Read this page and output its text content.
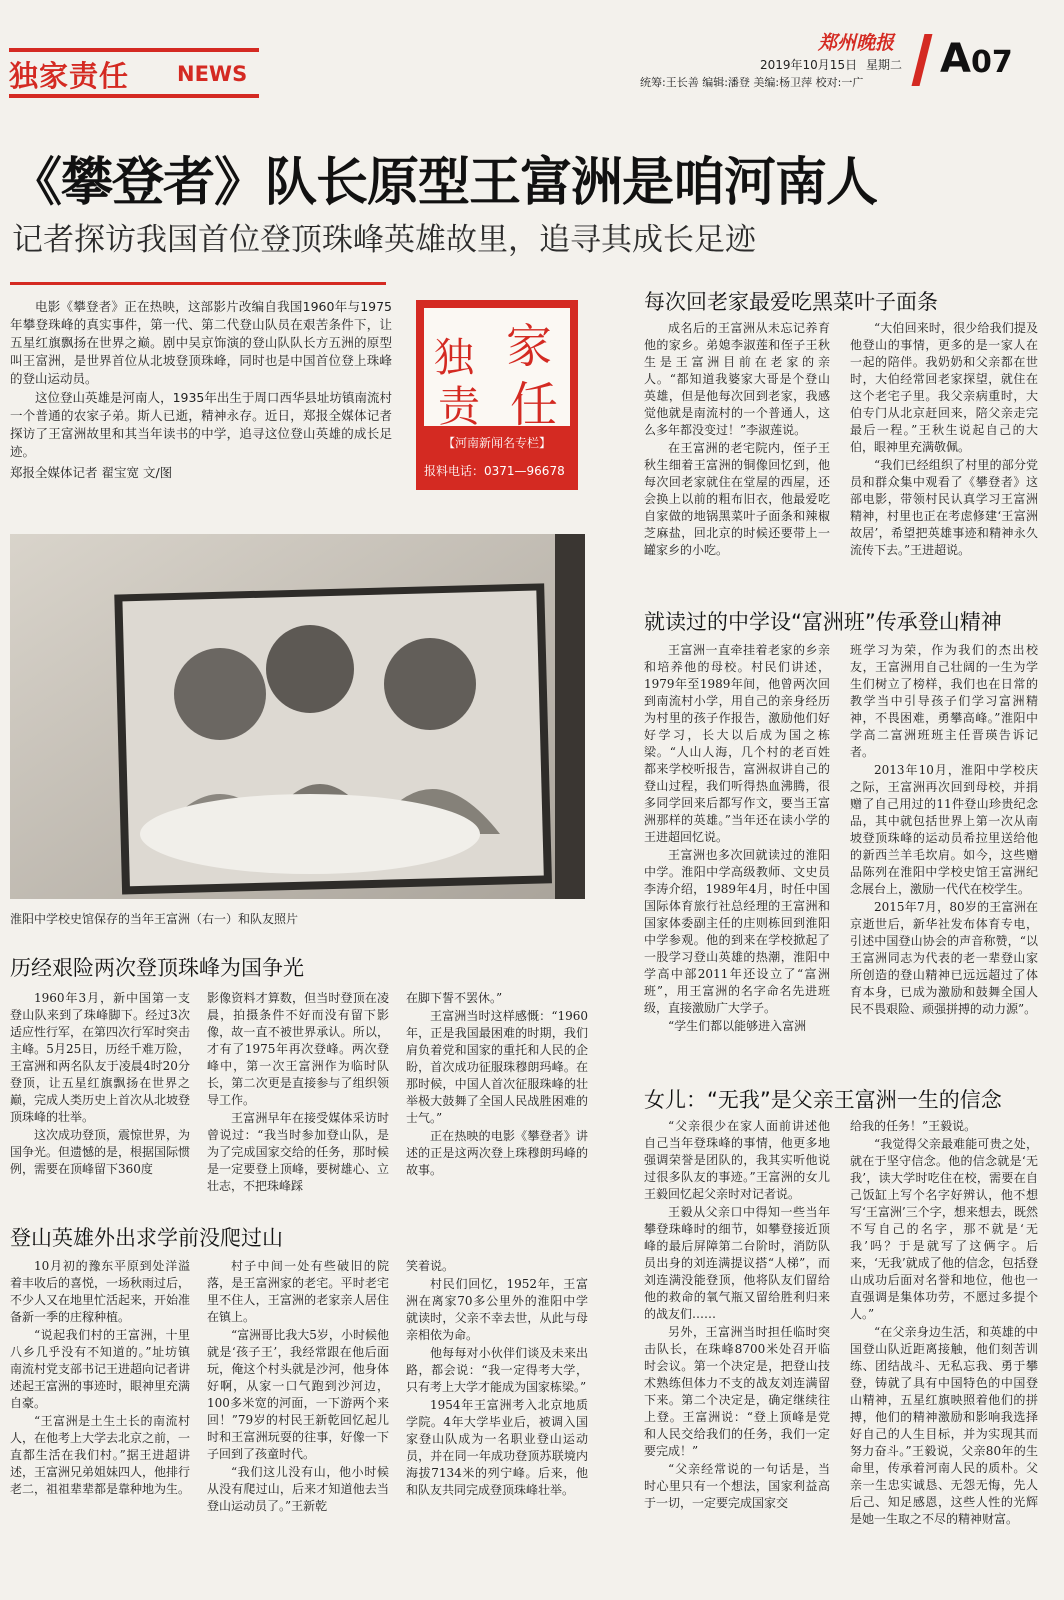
独家责任 NEWS
郑州晚报
2019年10月15日 星期二
统筹:王长善 编辑:潘登 美编:杨卫萍 校对:一广
A07
《攀登者》队长原型王富洲是咱河南人
记者探访我国首位登顶珠峰英雄故里，追寻其成长足迹

电影《攀登者》正在热映，这部影片改编自我国1960年与1975年攀登珠峰的真实事件，第一代、第二代登山队员在艰苦条件下，让五星红旗飘扬在世界之巅。剧中吴京饰演的登山队队长方五洲的原型叫王富洲，是世界首位从北坡登顶珠峰，同时也是中国首位登上珠峰的登山运动员。

这位登山英雄是河南人，1935年出生于周口西华县址坊镇南流村一个普通的农家子弟。斯人已逝，精神永存。近日，郑报全媒体记者探访了王富洲故里和其当年读书的中学，追寻这位登山英雄的成长足迹。

郑报全媒体记者 翟宝宽 文/图

独 家
责 任
【河南新闻名专栏】
报料电话：0371—96678
淮阳中学校史馆保存的当年王富洲（右一）和队友照片
历经艰险两次登顶珠峰为国争光

1960年3月，新中国第一支登山队来到了珠峰脚下。经过3次适应性行军，在第四次行军时突击主峰。5月25日，历经千难万险，王富洲和两名队友于凌晨4时20分登顶，让五星红旗飘扬在世界之巅，完成人类历史上首次从北坡登顶珠峰的壮举。

这次成功登顶，震惊世界，为国争光。但遗憾的是，根据国际惯例，需要在顶峰留下360度

影像资料才算数，但当时登顶在凌晨，拍摄条件不好而没有留下影像，故一直不被世界承认。所以，才有了1975年再次登峰。两次登峰中，第一次王富洲作为临时队长，第二次更是直接参与了组织领导工作。

王富洲早年在接受媒体采访时曾说过：“我当时参加登山队，是为了完成国家交给的任务，那时候是一定要登上顶峰，要树雄心、立壮志，不把珠峰踩

在脚下誓不罢休。”

王富洲当时这样感慨：“1960年，正是我国最困难的时期，我们肩负着党和国家的重托和人民的企盼，首次成功征服珠穆朗玛峰。在那时候，中国人首次征服珠峰的壮举极大鼓舞了全国人民战胜困难的士气。”

正在热映的电影《攀登者》讲述的正是这两次登上珠穆朗玛峰的故事。

登山英雄外出求学前没爬过山

10月初的豫东平原到处洋溢着丰收后的喜悦，一场秋雨过后，不少人又在地里忙活起来，开始准备新一季的庄稼种植。

“说起我们村的王富洲，十里八乡几乎没有不知道的。”址坊镇南流村党支部书记王进超向记者讲述起王富洲的事迹时，眼神里充满自豪。

“王富洲是土生土长的南流村人，在他考上大学去北京之前，一直都生活在我们村。”据王进超讲述，王富洲兄弟姐妹四人，他排行老二，祖祖辈辈都是靠种地为生。

村子中间一处有些破旧的院落，是王富洲家的老宅。平时老宅里不住人，王富洲的老家亲人居住在镇上。

“富洲哥比我大5岁，小时候他就是‘孩子王’，我经常跟在他后面玩，俺这个村头就是沙河，他身体好啊，从家一口气跑到沙河边，100多米宽的河面，一下游两个来回！”79岁的村民王新乾回忆起儿时和王富洲玩耍的往事，好像一下子回到了孩童时代。

“我们这儿没有山，他小时候从没有爬过山，后来才知道他去当登山运动员了。”王新乾

笑着说。

村民们回忆，1952年，王富洲在离家70多公里外的淮阳中学就读时，父亲不幸去世，从此与母亲相依为命。

他每每对小伙伴们谈及未来出路，都会说：“我一定得考大学，只有考上大学才能成为国家栋梁。”

1954年王富洲考入北京地质学院。4年大学毕业后，被调入国家登山队成为一名职业登山运动员，并在同一年成功登顶苏联境内海拔7134米的列宁峰。后来，他和队友共同完成登顶珠峰壮举。

每次回老家最爱吃黑菜叶子面条

成名后的王富洲从未忘记养育他的家乡。弟媳李淑莲和侄子王秋生是王富洲目前在老家的亲人。“都知道我婆家大哥是个登山英雄，但是他每次回到老家，我感觉他就是南流村的一个普通人，这么多年都没变过！”李淑莲说。

在王富洲的老宅院内，侄子王秋生细着王富洲的铜像回忆到，他每次回老家就住在堂屋的西屋，还会换上以前的粗布旧衣，他最爱吃自家做的地锅黑菜叶子面条和辣椒芝麻盐，回北京的时候还要带上一罐家乡的小吃。

“大伯回来时，很少给我们提及他登山的事情，更多的是一家人在一起的陪伴。我奶奶和父亲都在世时，大伯经常回老家探望，就住在这个老宅子里。我父亲病重时，大伯专门从北京赶回来，陪父亲走完最后一程。”王秋生说起自己的大伯，眼神里充满敬佩。

“我们已经组织了村里的部分党员和群众集中观看了《攀登者》这部电影，带领村民认真学习王富洲精神，村里也正在考虑修建‘王富洲故居’，希望把英雄事迹和精神永久流传下去。”王进超说。

就读过的中学设“富洲班”传承登山精神

王富洲一直牵挂着老家的乡亲和培养他的母校。村民们讲述，1979年至1989年间，他曾两次回到南流村小学，用自己的亲身经历为村里的孩子作报告，激励他们好好学习，长大以后成为国之栋梁。“人山人海，几个村的老百姓都来学校听报告，富洲叔讲自己的登山过程，我们听得热血沸腾，很多同学回来后都写作文，要当王富洲那样的英雄。”当年还在读小学的王进超回忆说。

王富洲也多次回就读过的淮阳中学。淮阳中学高级教师、文史员李涛介绍，1989年4月，时任中国国际体育旅行社总经理的王富洲和国家体委副主任的庄则栋回到淮阳中学参观。他的到来在学校掀起了一股学习登山英雄的热潮，淮阳中学高中部2011年还设立了“富洲班”，用王富洲的名字命名先进班级，直接激励广大学子。

“学生们都以能够进入富洲

班学习为荣，作为我们的杰出校友，王富洲用自己壮阔的一生为学生们树立了榜样，我们也在日常的教学当中引导孩子们学习富洲精神，不畏困难，勇攀高峰。”淮阳中学高二富洲班班主任晋瑛告诉记者。

2013年10月，淮阳中学校庆之际，王富洲再次回到母校，并捐赠了自己用过的11件登山珍贵纪念品，其中就包括世界上第一次从南坡登顶珠峰的运动员希拉里送给他的新西兰羊毛坎肩。如今，这些赠品陈列在淮阳中学校史馆王富洲纪念展台上，激励一代代在校学生。

2015年7月，80岁的王富洲在京逝世后，新华社发布体育专电，引述中国登山协会的声音称赞，“以王富洲同志为代表的老一辈登山家所创造的登山精神已远远超过了体育本身，已成为激励和鼓舞全国人民不畏艰险、顽强拼搏的动力源”。

女儿：“无我”是父亲王富洲一生的信念

“父亲很少在家人面前讲述他自己当年登珠峰的事情，他更多地强调荣誉是团队的，我其实听他说过很多队友的事迹。”王富洲的女儿王毅回忆起父亲时对记者说。

王毅从父亲口中得知一些当年攀登珠峰时的细节，如攀登接近顶峰的最后屏障第二台阶时，消防队员出身的刘连满提议搭“人梯”，而刘连满没能登顶，他将队友们留给他的救命的氧气瓶又留给胜利归来的战友们……

另外，王富洲当时担任临时突击队长，在珠峰8700米处召开临时会议。第一个决定是，把登山技术熟练但体力不支的战友刘连满留下来。第二个决定是，确定继续往上登。王富洲说：“登上顶峰是党和人民交给我们的任务，我们一定要完成！”

“父亲经常说的一句话是，当时心里只有一个想法，国家利益高于一切，一定要完成国家交

给我的任务！”王毅说。

“我觉得父亲最难能可贵之处，就在于坚守信念。他的信念就是‘无我’，读大学时吃住在校，需要在自己饭缸上写个名字好辨认，他不想写‘王富洲’三个字，想来想去，既然不写自己的名字，那不就是‘无我’吗？于是就写了这俩字。后来，‘无我’就成了他的信念，包括登山成功后面对名誉和地位，他也一直强调是集体功劳，不愿过多提个人。”

“在父亲身边生活，和英雄的中国登山队近距离接触，他们刻苦训练、团结战斗、无私忘我、勇于攀登，铸就了具有中国特色的中国登山精神，五星红旗映照着他们的拼搏，他们的精神激励和影响我选择好自己的人生目标，并为实现其而努力奋斗。”王毅说，父亲80年的生命里，传承着河南人民的质朴。父亲一生忠实诚恳、无怨无悔，先人后己、知足感恩，这些人性的光辉是她一生取之不尽的精神财富。
